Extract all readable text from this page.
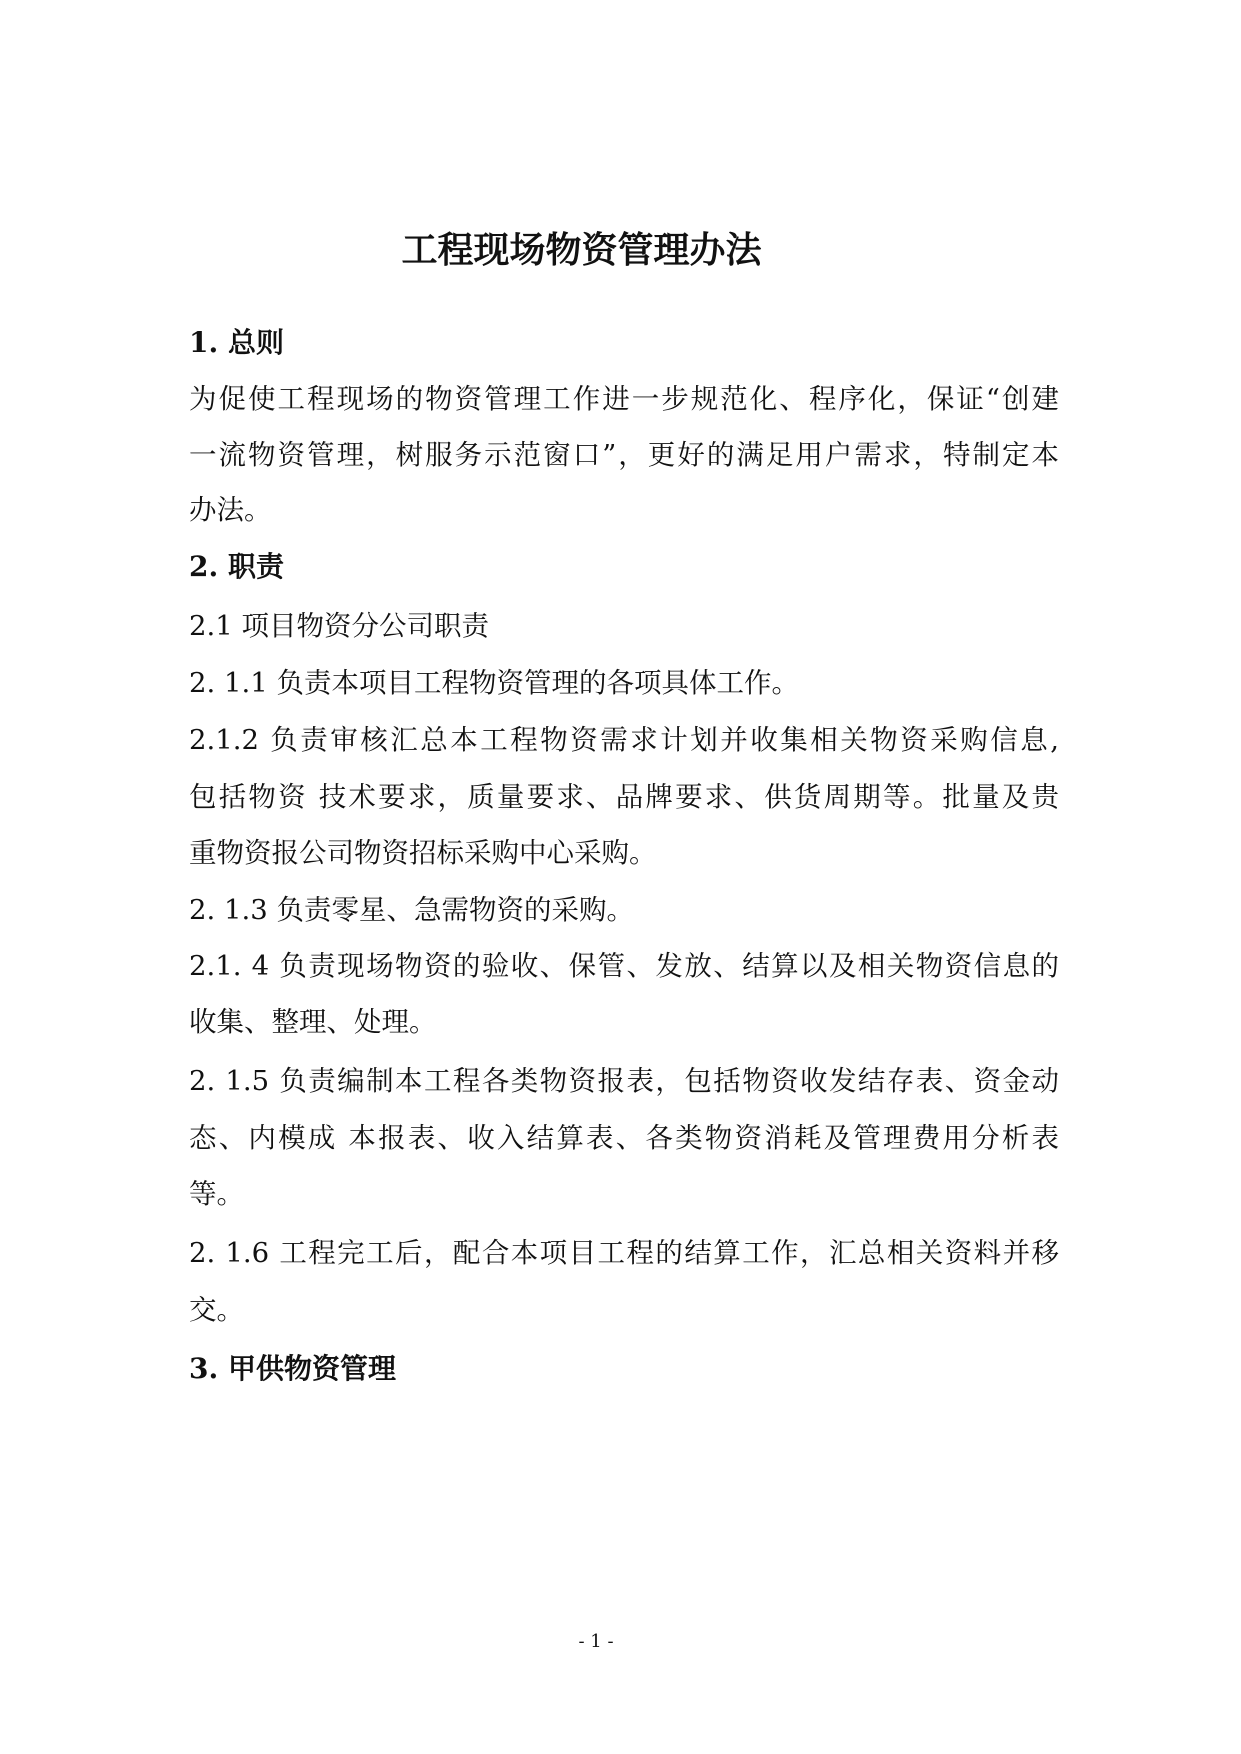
工程现场物资管理办法
1. 总则
为促使工程现场的物资管理工作进一步规范化、程序化，保证“创建
一流物资管理，树服务示范窗口”，更好的满足用户需求，特制定本
办法。
2. 职责
2.1 项目物资分公司职责
2. 1.1 负责本项目工程物资管理的各项具体工作。
2.1.2 负责审核汇总本工程物资需求计划并收集相关物资采购信息,
包括物资 技术要求，质量要求、品牌要求、供货周期等。批量及贵
重物资报公司物资招标采购中心采购。
2. 1.3 负责零星、急需物资的采购。
2.1. 4 负责现场物资的验收、保管、发放、结算以及相关物资信息的
收集、整理、处理。
2. 1.5 负责编制本工程各类物资报表，包括物资收发结存表、资金动
态、内模成 本报表、收入结算表、各类物资消耗及管理费用分析表
等。
2. 1.6 工程完工后，配合本项目工程的结算工作，汇总相关资料并移
交。
3. 甲供物资管理
- 1 -
